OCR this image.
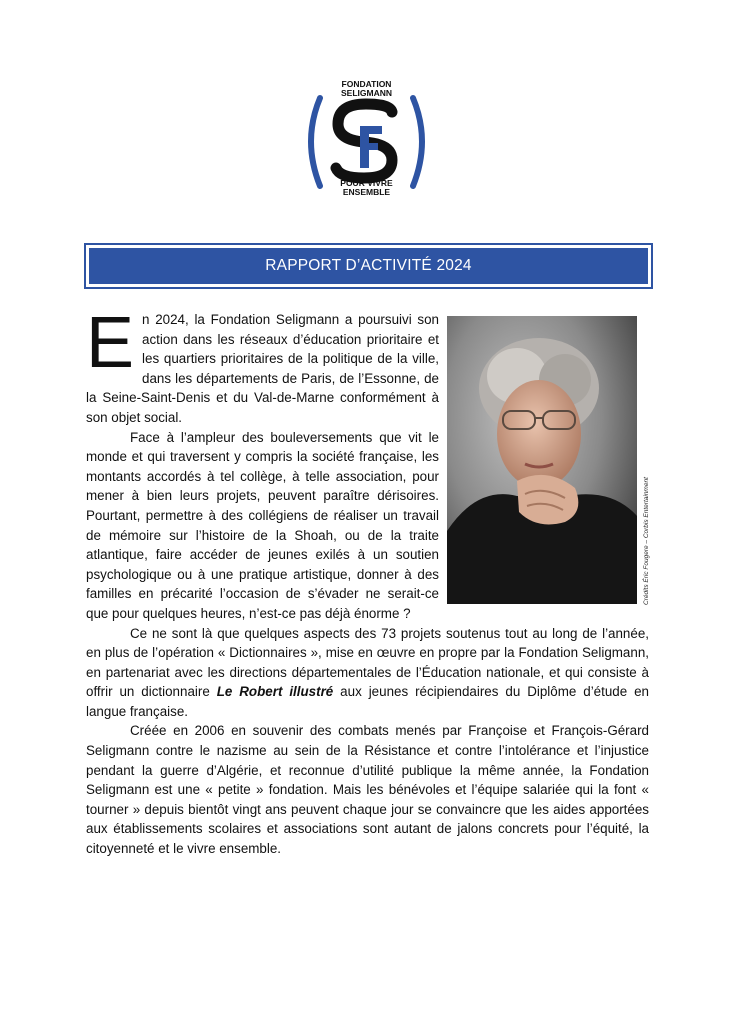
FONDATION
SELIGMANN
POUR VIVRE
ENSEMBLE
RAPPORT D’ACTIVITÉ 2024
Crédits Éric Fougere – Corbis Entertainment

En 2024, la Fondation Seligmann a poursuivi son action dans les réseaux d’éducation prioritaire et les quartiers prioritaires de la politique de la ville, dans les départements de Paris, de l’Essonne, de la Seine-Saint-Denis et du Val-de-Marne conformément à son objet social.

Face à l’ampleur des bouleversements que vit le monde et qui traversent y compris la société française, les montants accordés à tel collège, à telle association, pour mener à bien leurs projets, peuvent paraître dérisoires. Pourtant, permettre à des collégiens de réaliser un travail de mémoire sur l’histoire de la Shoah, ou de la traite atlantique, faire accéder de jeunes exilés à un soutien psychologique ou à une pratique artistique, donner à des familles en précarité l’occasion de s’évader ne serait-ce que pour quelques heures, n’est-ce pas déjà énorme ?

Ce ne sont là que quelques aspects des 73 projets soutenus tout au long de l’année, en plus de l’opération « Dictionnaires », mise en œuvre en propre par la Fondation Seligmann, en partenariat avec les directions départementales de l’Éducation nationale, et qui consiste à offrir un dictionnaire Le Robert illustré aux jeunes récipiendaires du Diplôme d’étude en langue française.

Créée en 2006 en souvenir des combats menés par Françoise et François-Gérard Seligmann contre le nazisme au sein de la Résistance et contre l’intolérance et l’injustice pendant la guerre d’Algérie, et reconnue d’utilité publique la même année, la Fondation Seligmann est une « petite » fondation. Mais les bénévoles et l’équipe salariée qui la font « tourner » depuis bientôt vingt ans peuvent chaque jour se convaincre que les aides apportées aux établissements scolaires et associations sont autant de jalons concrets pour l’équité, la citoyenneté et le vivre ensemble.
